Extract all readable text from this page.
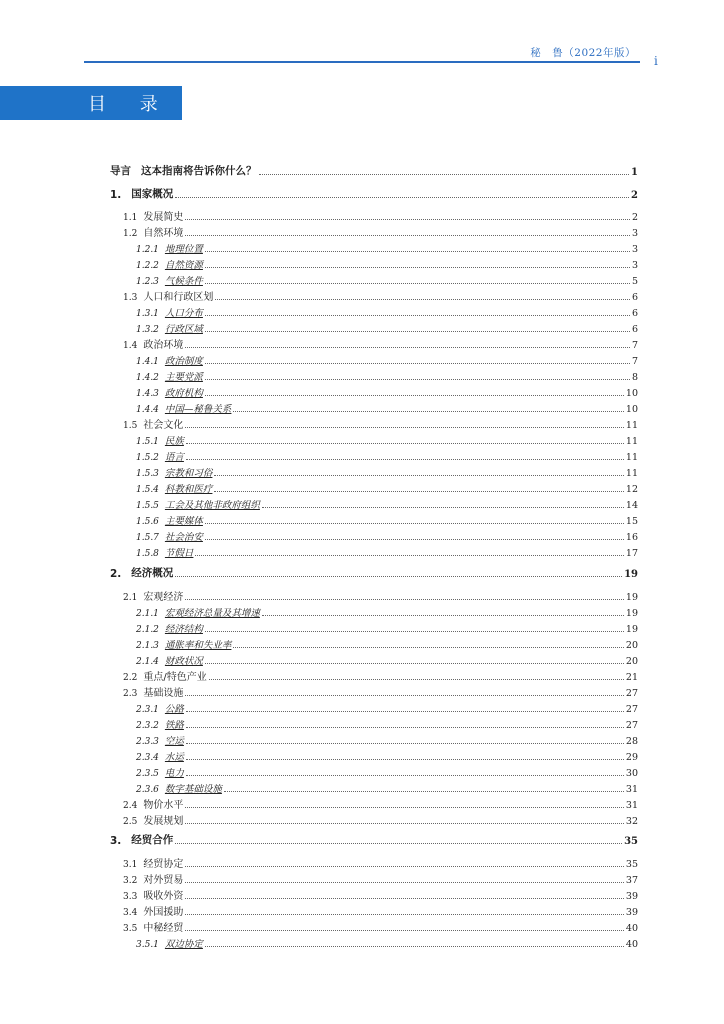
秘　鲁（2022年版）
i
目 录
导言 这本指南将告诉你什么？	1
1. 国家概况	2
1.1 发展简史	2
1.2 自然环境	3
1.2.1 地理位置	3
1.2.2 自然资源	3
1.2.3 气候条件	5
1.3 人口和行政区划	6
1.3.1 人口分布	6
1.3.2 行政区域	6
1.4 政治环境	7
1.4.1 政治制度	7
1.4.2 主要党派	8
1.4.3 政府机构	10
1.4.4 中国—秘鲁关系	10
1.5 社会文化	11
1.5.1 民族	11
1.5.2 语言	11
1.5.3 宗教和习俗	11
1.5.4 科教和医疗	12
1.5.5 工会及其他非政府组织	14
1.5.6 主要媒体	15
1.5.7 社会治安	16
1.5.8 节假日	17
2. 经济概况	19
2.1 宏观经济	19
2.1.1 宏观经济总量及其增速	19
2.1.2 经济结构	19
2.1.3 通胀率和失业率	20
2.1.4 财政状况	20
2.2 重点/特色产业	21
2.3 基础设施	27
2.3.1 公路	27
2.3.2 铁路	27
2.3.3 空运	28
2.3.4 水运	29
2.3.5 电力	30
2.3.6 数字基础设施	31
2.4 物价水平	31
2.5 发展规划	32
3. 经贸合作	35
3.1 经贸协定	35
3.2 对外贸易	37
3.3 吸收外资	39
3.4 外国援助	39
3.5 中秘经贸	40
3.5.1 双边协定	40
